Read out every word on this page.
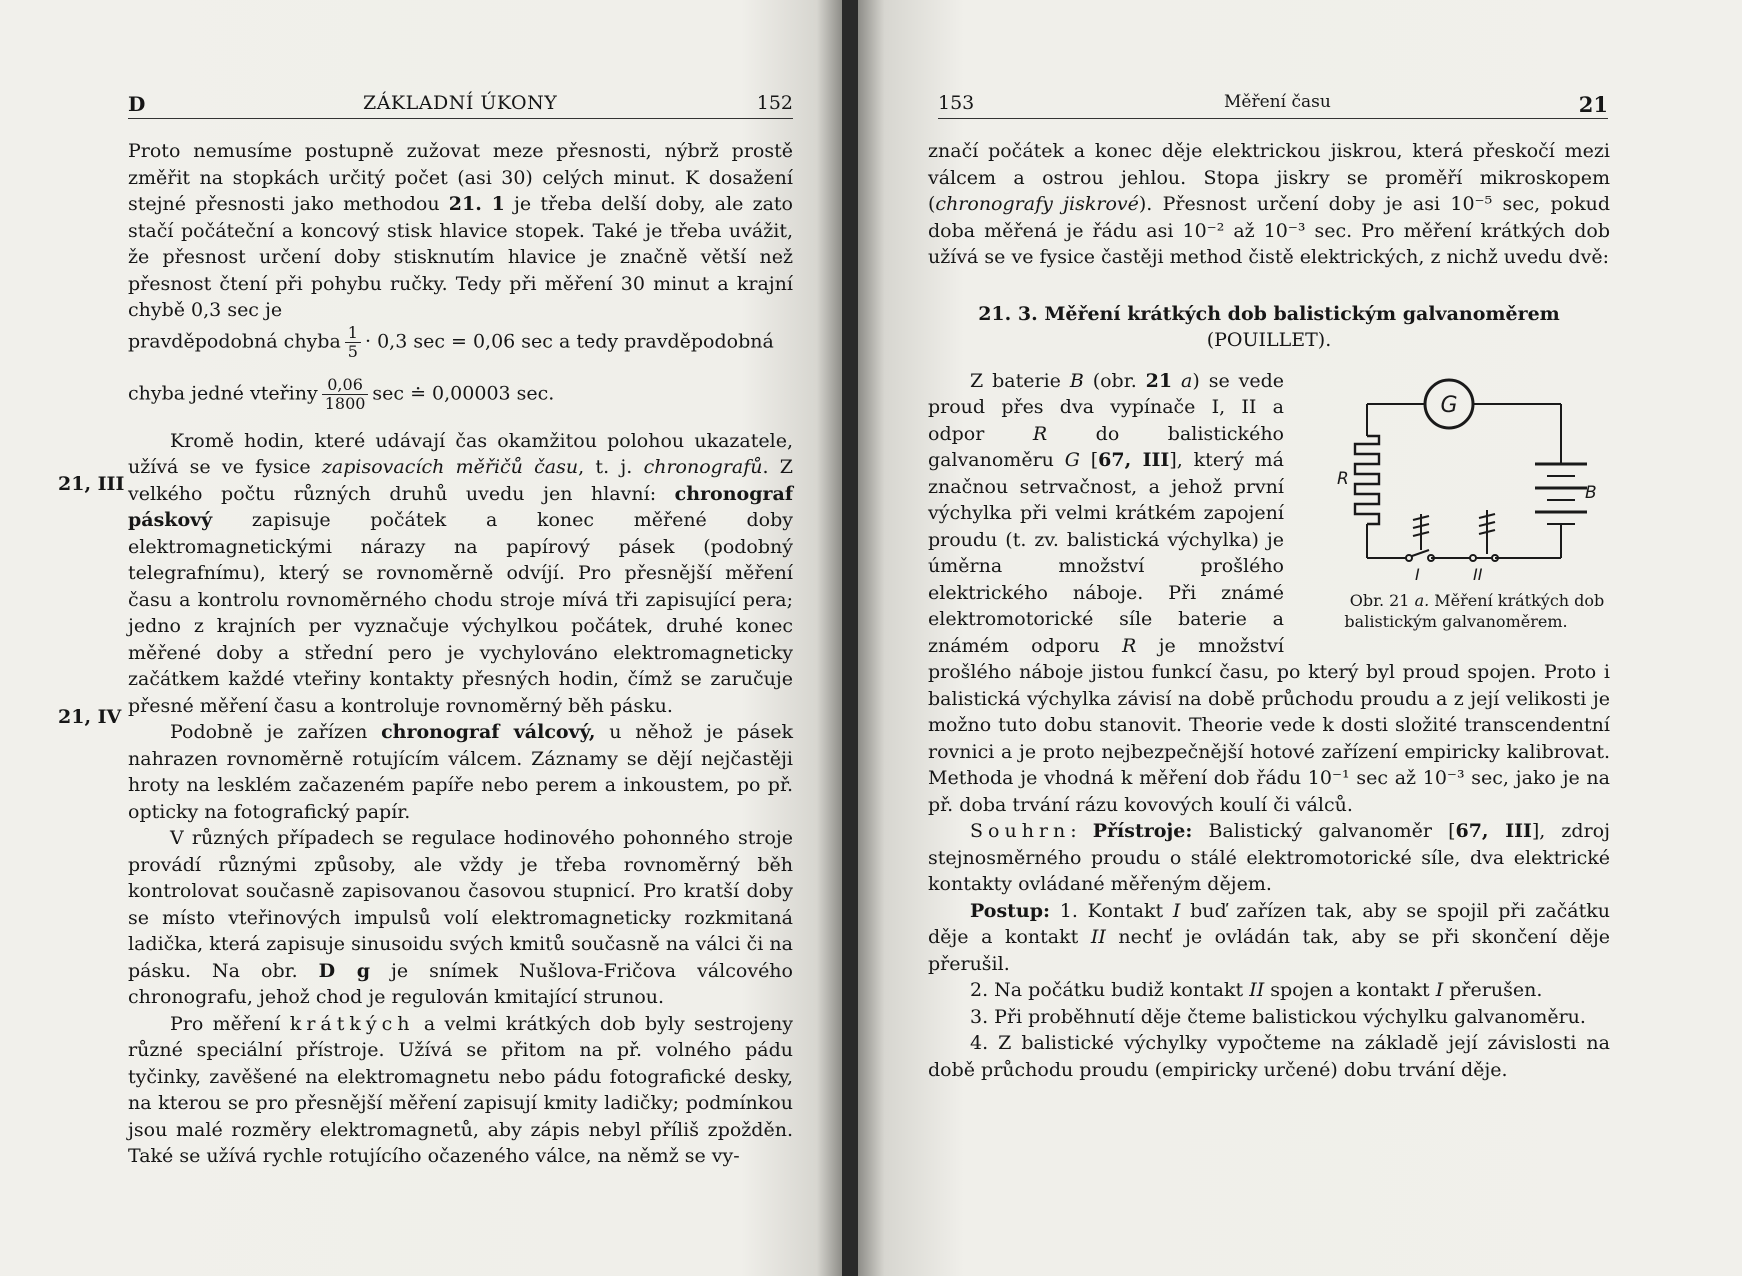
D	ZÁKLADNÍ ÚKONY	152
21, III
21, IV

Proto nemusíme postupně zužovat meze přesnosti, nýbrž prostě změřit na stopkách určitý počet (asi 30) celých minut. K dosažení stejné přesnosti jako methodou 21. 1 je třeba delší doby, ale zato stačí počáteční a koncový stisk hlavice stopek. Také je třeba uvážit, že přesnost určení doby stisknutím hlavice je značně větší než přesnost čtení při pohybu ručky. Tedy při měření 30 minut a krajní chybě 0,3 sec je

pravděpodobná chyba $\frac{1}{5} \cdot 0,3$ sec = 0,06 sec a tedy pravděpodobná
chyba jedné vteřiny $\frac{0,06}{1800}$ sec ≐ 0,00003 sec.

Kromě hodin, které udávají čas okamžitou polohou ukazatele, užívá se ve fysice zapisovacích měřičů času, t. j. chronografů. Z velkého počtu různých druhů uvedu jen hlavní: chronograf páskový zapisuje počátek a konec měřené doby elektromagnetickými nárazy na papírový pásek (podobný telegrafnímu), který se rovnoměrně odvíjí. Pro přesnější měření času a kontrolu rovnoměrného chodu stroje mívá tři zapisující pera; jedno z krajních per vyznačuje výchylkou počátek, druhé konec měřené doby a střední pero je vychylováno elektromagneticky začátkem každé vteřiny kontakty přesných hodin, čímž se zaručuje přesné měření času a kontroluje rovnoměrný běh pásku.

Podobně je zařízen chronograf válcový, u něhož je pásek nahrazen rovnoměrně rotujícím válcem. Záznamy se dějí nejčastěji hroty na lesklém začazeném papíře nebo perem a inkoustem, po př. opticky na fotografický papír.

V různých případech se regulace hodinového pohonného stroje provádí různými způsoby, ale vždy je třeba rovnoměrný běh kontrolovat současně zapisovanou časovou stupnicí. Pro kratší doby se místo vteřinových impulsů volí elektromagneticky rozkmitaná ladička, která zapisuje sinusoidu svých kmitů současně na válci či na pásku. Na obr. D g je snímek Nušlova-Fričova válcového chronografu, jehož chod je regulován kmitající strunou.

Pro měření krátkých a velmi krátkých dob byly sestrojeny různé speciální přístroje. Užívá se přitom na př. volného pádu tyčinky, zavěšené na elektromagnetu nebo pádu fotografické desky, na kterou se pro přesnější měření zapisují kmity ladičky; podmínkou jsou malé rozměry elektromagnetů, aby zápis nebyl příliš zpožděn. Také se užívá rychle rotujícího očazeného válce, na němž se vy-

153	Měření času	21

značí počátek a konec děje elektrickou jiskrou, která přeskočí mezi válcem a ostrou jehlou. Stopa jiskry se proměří mikroskopem (chronografy jiskrové). Přesnost určení doby je asi 10⁻⁵ sec, pokud doba měřená je řádu asi 10⁻² až 10⁻³ sec. Pro měření krátkých dob užívá se ve fysice častěji method čistě elektrických, z nichž uvedu dvě:

21. 3. Měření krátkých dob balistickým galvanoměrem
(POUILLET).

G
R
B
I	II
Obr. 21 a. Měření krátkých dob balistickým galvanoměrem.
Z baterie B (obr. 21 a) se vede proud přes dva vypínače I, II a odpor R do balistického galvanoměru G [67, III], který má značnou setrvačnost, a jehož první výchylka při velmi krátkém zapojení proudu (t. zv. balistická výchylka) je úměrna množství prošlého elektrického náboje. Při známé elektromotorické síle baterie a známém odporu R je množství prošlého náboje jistou funkcí času, po který byl proud spojen. Proto i balistická výchylka závisí na době průchodu proudu a z její velikosti je možno tuto dobu stanovit. Theorie vede k dosti složité transcendentní rovnici a je proto nejbezpečnější hotové zařízení empiricky kalibrovat. Methoda je vhodná k měření dob řádu 10⁻¹ sec až 10⁻³ sec, jako je na př. doba trvání rázu kovových koulí či válců.

Souhrn: Přístroje: Balistický galvanoměr [67, III], zdroj stejnosměrného proudu o stálé elektromotorické síle, dva elektrické kontakty ovládané měřeným dějem.

Postup: 1. Kontakt I buď zařízen tak, aby se spojil při začátku děje a kontakt II nechť je ovládán tak, aby se při skončení děje přerušil.

2. Na počátku budiž kontakt II spojen a kontakt I přerušen.

3. Při proběhnutí děje čteme balistickou výchylku galvanoměru.

4. Z balistické výchylky vypočteme na základě její závislosti na době průchodu proudu (empiricky určené) dobu trvání děje.
